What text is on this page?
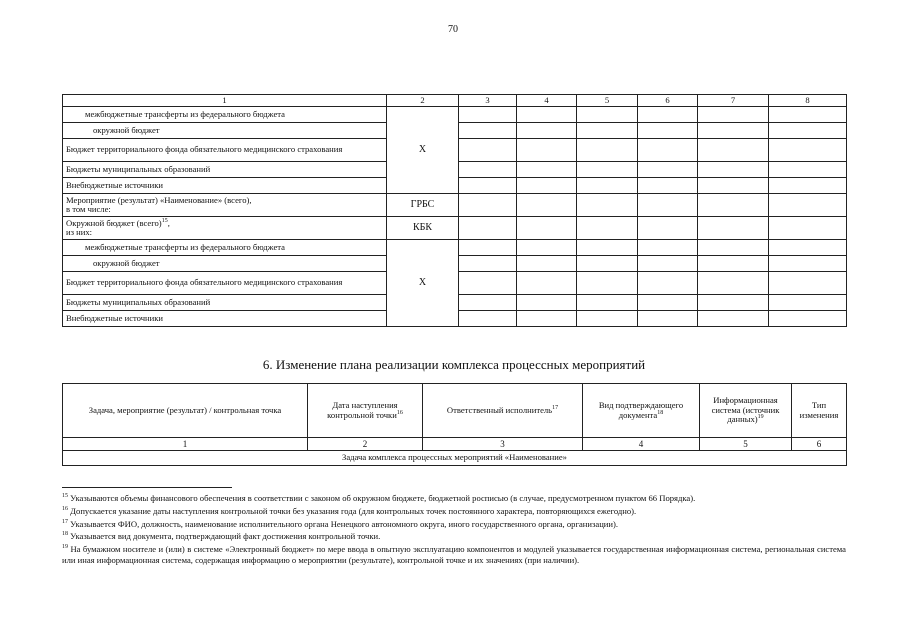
70
1	2	3	4	5	6	7	8
межбюджетные трансферты из федерального бюджета	Х						
окружной бюджет							
Бюджет территориального фонда обязательного медицинского страхования							
Бюджеты муниципальных образований							
Внебюджетные источники							
Мероприятие (результат) «Наименование» (всего),
в том числе:	ГРБС						
Окружной бюджет (всего)$^{15}$,
из них:	КБК						
межбюджетные трансферты из федерального бюджета	Х						
окружной бюджет							
Бюджет территориального фонда обязательного медицинского страхования							
Бюджеты муниципальных образований							
Внебюджетные источники							
6. Изменение плана реализации комплекса процессных мероприятий
Задача, мероприятие (результат) / контрольная точка	Дата наступления контрольной точки$^{16}$	Ответственный исполнитель$^{17}$	Вид подтверждающего документа$^{18}$	Информационная система (источник данных)$^{19}$	Тип изменения
1	2	3	4	5	6
Задача комплекса процессных мероприятий «Наименование»					

$^{15}$ Указываются объемы финансового обеспечения в соответствии с законом об окружном бюджете, бюджетной росписью (в случае, предусмотренном пунктом 66 Порядка).

$^{16}$ Допускается указание даты наступления контрольной точки без указания года (для контрольных точек постоянного характера, повторяющихся ежегодно).

$^{17}$ Указывается ФИО, должность, наименование исполнительного органа Ненецкого автономного округа, иного государственного органа, организации).

$^{18}$ Указывается вид документа, подтверждающий факт достижения контрольной точки.

$^{19}$ На бумажном носителе и (или) в системе «Электронный бюджет» по мере ввода в опытную эксплуатацию компонентов и модулей указывается государственная информационная система, региональная система или иная информационная система, содержащая информацию о мероприятии (результате), контрольной точке и их значениях (при наличии).
